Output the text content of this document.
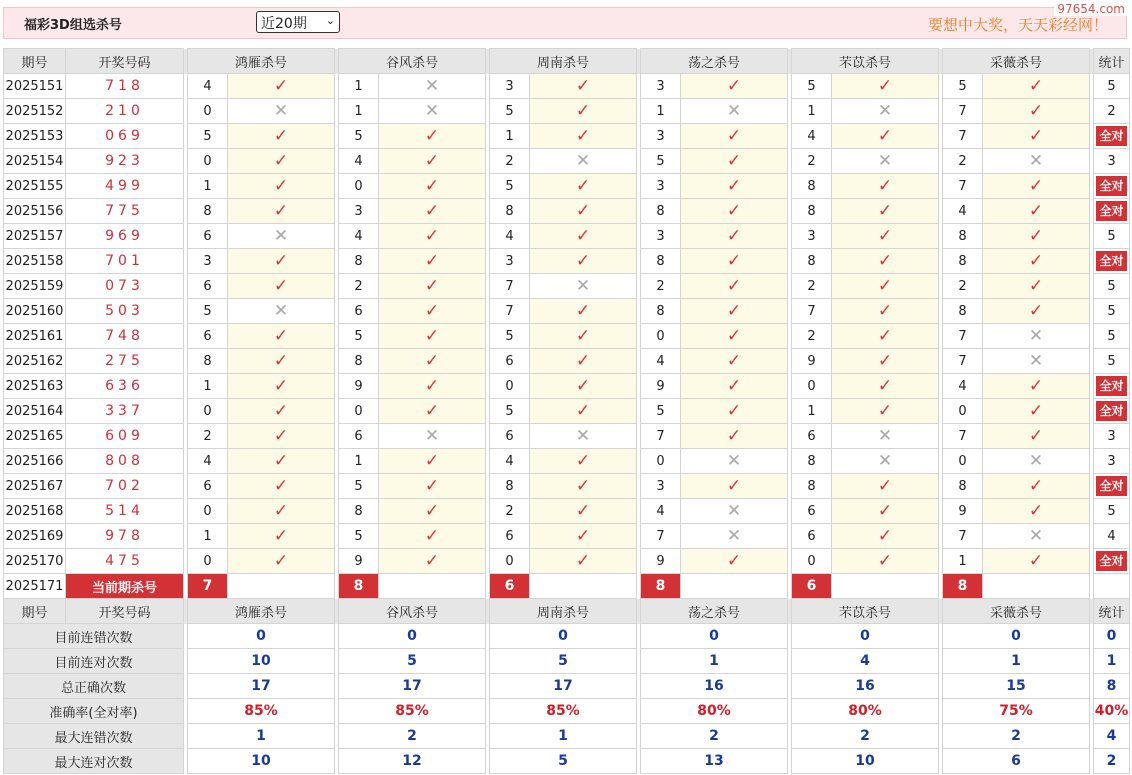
福彩3D组选杀号	近20期 ⌄	要想中大奖，天天彩经网！
97654.com
期号	开奖号码		鸿雁杀号			谷风杀号			周南杀号			荡之杀号			芣苡杀号			采薇杀号			统计
2025151	718		4	✓		1	✕		3	✓		3	✓		5	✓		5	✓		5
2025152	210		0	✕		1	✕		5	✓		1	✕		1	✕		7	✓		2
2025153	069		5	✓		5	✓		1	✓		3	✓		4	✓		7	✓		全对
2025154	923		0	✓		4	✓		2	✕		5	✓		2	✕		2	✕		3
2025155	499		1	✓		0	✓		5	✓		3	✓		8	✓		7	✓		全对
2025156	775		8	✓		3	✓		8	✓		8	✓		8	✓		4	✓		全对
2025157	969		6	✕		4	✓		4	✓		3	✓		3	✓		8	✓		5
2025158	701		3	✓		8	✓		3	✓		8	✓		8	✓		8	✓		全对
2025159	073		6	✓		2	✓		7	✕		2	✓		2	✓		2	✓		5
2025160	503		5	✕		6	✓		7	✓		8	✓		7	✓		8	✓		5
2025161	748		6	✓		5	✓		5	✓		0	✓		2	✓		7	✕		5
2025162	275		8	✓		8	✓		6	✓		4	✓		9	✓		7	✕		5
2025163	636		1	✓		9	✓		0	✓		9	✓		0	✓		4	✓		全对
2025164	337		0	✓		0	✓		5	✓		5	✓		1	✓		0	✓		全对
2025165	609		2	✓		6	✕		6	✕		7	✓		6	✕		7	✓		3
2025166	808		4	✓		1	✓		4	✓		0	✕		8	✕		0	✕		3
2025167	702		6	✓		5	✓		8	✓		3	✓		8	✓		8	✓		全对
2025168	514		0	✓		8	✓		2	✓		4	✕		6	✓		9	✓		5
2025169	978		1	✓		5	✓		6	✓		7	✕		6	✓		7	✕		4
2025170	475		0	✓		9	✓		0	✓		9	✓		0	✓		1	✓		全对
2025171	当前期杀号		7			8			6			8			6			8			
期号	开奖号码		鸿雁杀号			谷风杀号			周南杀号			荡之杀号			芣苡杀号			采薇杀号			统计
目前连错次数			0			0			0			0			0			0			0
目前连对次数			10			5			5			1			4			1			1
总正确次数			17			17			17			16			16			15			8
准确率(全对率)			85%			85%			85%			80%			80%			75%			40%
最大连错次数			1			2			1			2			2			2			4
最大连对次数			10			12			5			13			10			6			2
